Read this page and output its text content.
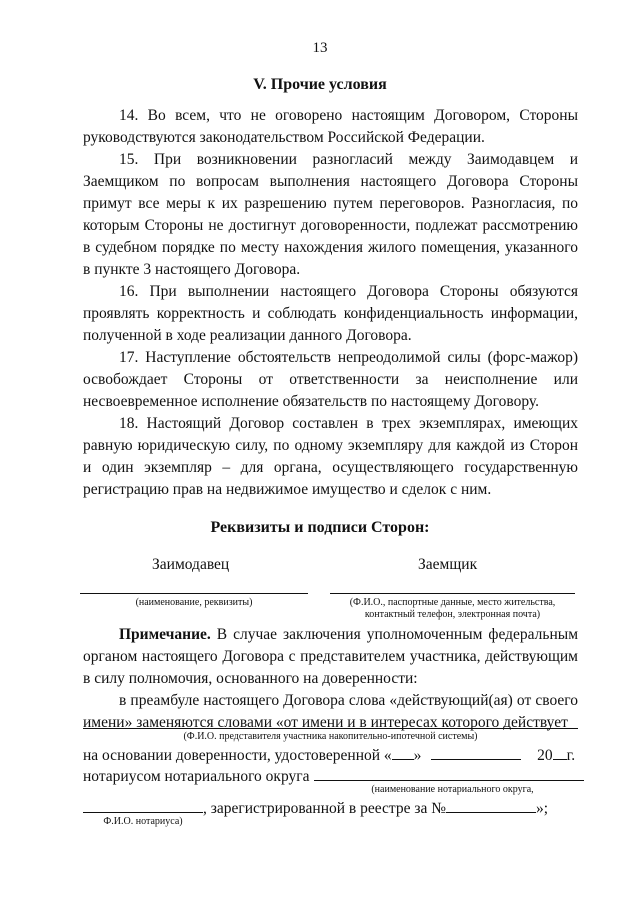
13
V. Прочие условия

14. Во всем, что не оговорено настоящим Договором, Стороны руководствуются законодательством Российской Федерации.

15. При возникновении разногласий между Заимодавцем и Заемщиком по вопросам выполнения настоящего Договора Стороны примут все меры к их разрешению путем переговоров. Разногласия, по которым Стороны не достигнут договоренности, подлежат рассмотрению в судебном порядке по месту нахождения жилого помещения, указанного в пункте 3 настоящего Договора.

16. При выполнении настоящего Договора Стороны обязуются проявлять корректность и соблюдать конфиденциальность информации, полученной в ходе реализации данного Договора.

17. Наступление обстоятельств непреодолимой силы (форс-мажор) освобождает Стороны от ответственности за неисполнение или несвоевременное исполнение обязательств по настоящему Договору.

18. Настоящий Договор составлен в трех экземплярах, имеющих равную юридическую силу, по одному экземпляру для каждой из Сторон и один экземпляр – для органа, осуществляющего государственную регистрацию прав на недвижимое имущество и сделок с ним.

Реквизиты и подписи Сторон:
Заимодавец	Заемщик
(наименование, реквизиты)	(Ф.И.О., паспортные данные, место жительства,
контактный телефон, электронная почта)

Примечание. В случае заключения уполномоченным федеральным органом настоящего Договора с представителем участника, действующим в силу полномочия, основанного на доверенности:

в преамбуле настоящего Договора слова «действующий(ая) от своего имени» заменяются словами «от имени и в интересах которого действует

(Ф.И.О. представителя участника накопительно-ипотечной системы)
на основании доверенности, удостоверенной « »	20 г.
нотариусом нотариального округа
(наименование нотариального округа,
, зарегистрированной в реестре за №	»;
Ф.И.О. нотариуса)
